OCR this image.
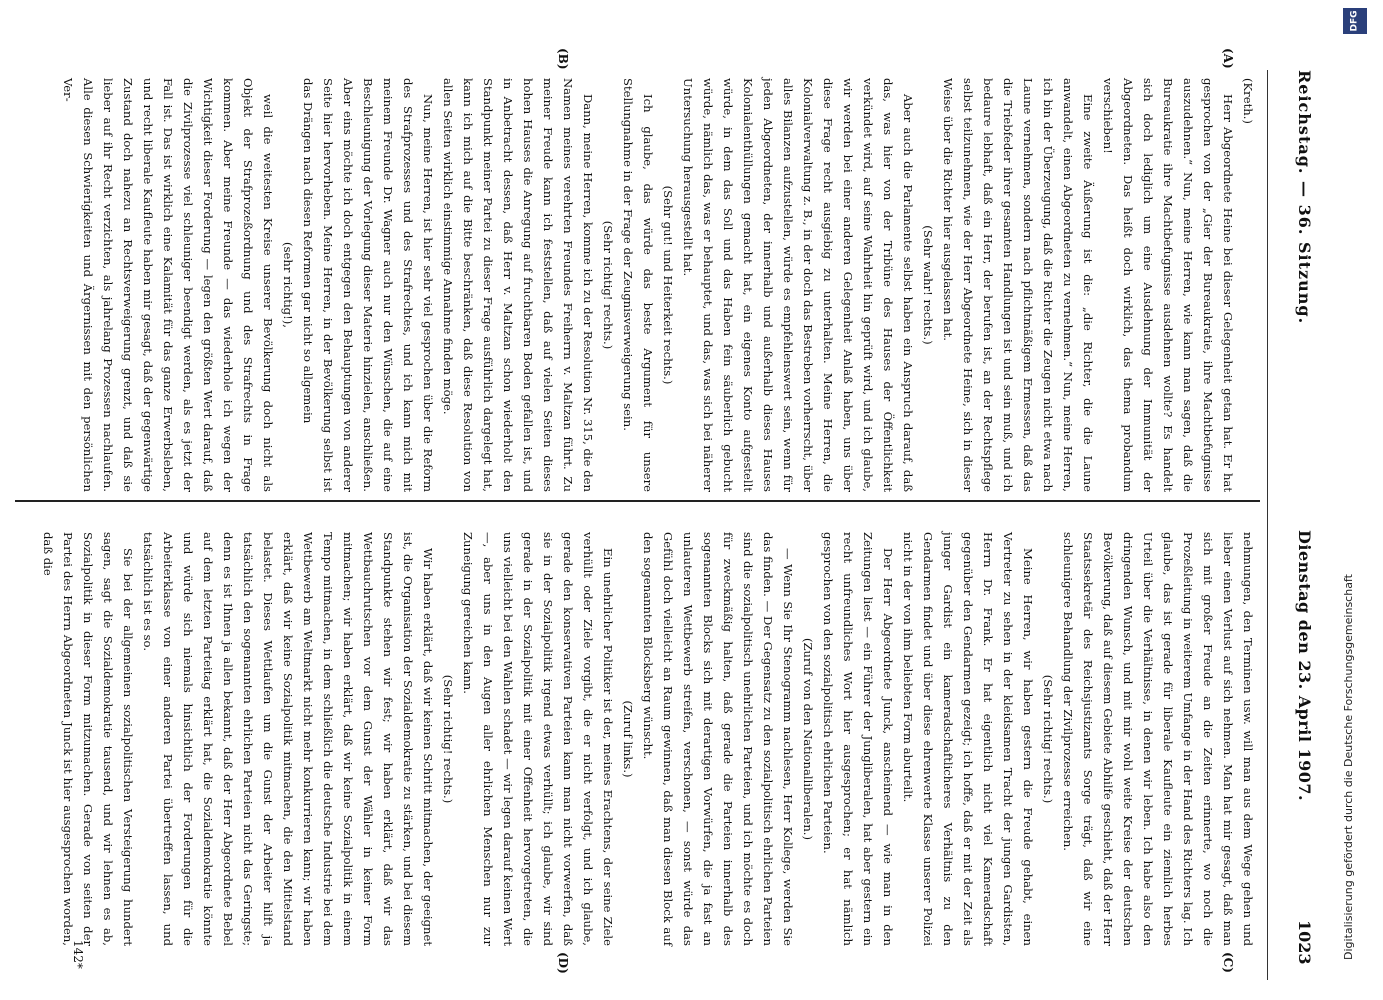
Reichstag. — 36. Sitzung.
Dienstag den 23. April 1907.
1023
(A)
(B)
(C)
(D)

(Kreth.)

Herr Abgeordnete Heine bei dieser Gelegenheit getan hat. Er hat gesprochen von der „Gier der Bureaukratie, ihre Machtbefugnisse auszudehnen.“ Nun, meine Herren, wie kann man sagen, daß die Bureaukratie ihre Machtbefugnisse ausdehnen wollte? Es handelt sich doch lediglich um eine Ausdehnung der Immunität der Abgeordneten. Das heißt doch wirklich, das thema probandum verschieben!

Eine zweite Äußerung ist die: „die Richter, die die Laune anwandelt, einen Abgeordneten zu vernehmen.“ Nun, meine Herren, ich bin der Überzeugung, daß die Richter die Zeugen nicht etwa nach Laune vernehmen, sondern nach pflichtmäßigem Ermessen, daß das die Triebfeder ihrer gesamten Handlungen ist und sein muß, und ich bedaure lebhaft, daß ein Herr, der berufen ist, an der Rechtspflege selbst teilzunehmen, wie der Herr Abgeordnete Heine, sich in dieser Weise über die Richter hier ausgelassen hat.

(Sehr wahr! rechts.)

Aber auch die Parlamente selbst haben ein Anspruch darauf, daß das, was hier von der Tribüne des Hauses der Öffentlichkeit verkündet wird, auf seine Wahrheit hin geprüft wird, und ich glaube, wir werden bei einer anderen Gelegenheit Anlaß haben, uns über diese Frage recht ausgiebig zu unterhalten. Meine Herren, die Kolonialverwaltung z. B., in der doch das Bestreben vorherrscht, über alles Bilanzen aufzustellen, würde es empfehlenswert sein, wenn für jeden Abgeordneten, der innerhalb und außerhalb dieses Hauses Kolonialenthüllungen gemacht hat, ein eigenes Konto aufgestellt würde, in dem das Soll und das Haben fein säuberlich gebucht würde, nämlich das, was er behauptet, und das, was sich bei näherer Untersuchung herausgestellt hat.

(Sehr gut! und Heiterkeit rechts.)

Ich glaube, das würde das beste Argument für unsere Stellungnahme in der Frage der Zeugnisverweigerung sein.

(Sehr richtig! rechts.)

Dann, meine Herren, komme ich zu der Resolution Nr. 315, die den Namen meines verehrten Freundes Freiherrn v. Maltzan führt. Zu meiner Freude kann ich feststellen, daß auf vielen Seiten dieses hohen Hauses die Anregung auf fruchtbaren Boden gefallen ist, und in Anbetracht dessen, daß Herr v. Maltzan schon wiederholt den Standpunkt meiner Partei zu dieser Frage ausführlich dargelegt hat, kann ich mich auf die Bitte beschränken, daß diese Resolution von allen Seiten wirklich einstimmige Annahme finden möge.

Nun, meine Herren, ist hier sehr viel gesprochen über die Reform des Strafprozesses und des Strafrechtes, und ich kann mich mit meinem Freunde Dr. Wagner auch nur den Wünschen, die auf eine Beschleunigung der Vorlegung dieser Materie hinzielen, anschließen. Aber eins möchte ich doch entgegen den Behauptungen von anderer Seite hier hervorheben. Meine Herren, in der Bevölkerung selbst ist das Drängen nach diesen Reformen gar nicht so allgemein

(sehr richtig!),

weil die weitesten Kreise unserer Bevölkerung doch nicht als Objekt der Strafprozeßordnung und des Strafrechts in Frage kommen. Aber meine Freunde — das wiederhole ich wegen der Wichtigkeit dieser Forderung — legen den größten Wert darauf, daß die Zivilprozesse viel schleuniger beendigt werden, als es jetzt der Fall ist. Das ist wirklich eine Kalamität für das ganze Erwerbsleben, und recht liberale Kaufleute haben mir gesagt, daß der gegenwärtige Zustand doch nahezu an Rechtsverweigerung grenzt, und daß sie lieber auf ihr Recht verzichten, als jahrelang Prozessen nachlaufen. Alle diesen Schwierigkeiten und Ärgernissen mit den persönlichen Ver-

nehmungen, den Terminen usw. will man aus dem Wege gehen und lieber einen Verlust auf sich nehmen. Man hat mir gesagt, daß man sich mit großer Freude an die Zeiten erinnerte, wo noch die Prozeßleitung in weiterem Umfange in der Hand des Richters lag. Ich glaube, das ist gerade für liberale Kaufleute ein ziemlich herbes Urteil über die Verhältnisse, in denen wir leben. Ich habe also den dringenden Wunsch, und mit mir wohl weite Kreise der deutschen Bevölkerung, daß auf diesem Gebiete Abhilfe geschieht, daß der Herr Staatssekretär des Reichsjustizamts Sorge trägt, daß wir eine schleunigere Behandlung der Zivilprozesse erreichen.

(Sehr richtig! rechts.)

Meine Herren, wir haben gestern die Freude gehabt, einen Vertreter zu sehen in der kleidsamen Tracht der jungen Gardisten, Herrn Dr. Frank. Er hat eigentlich nicht viel Kameradschaft gegenüber den Gendarmen gezeigt; ich hoffe, daß er mit der Zeit als junger Gardist ein kameradschaftlicheres Verhältnis zu den Gendarmen findet und über diese ehrenwerte Klasse unserer Polizei nicht in der von ihm beliebten Form aburteilt.

Der Herr Abgeordnete Junck, anscheinend — wie man in den Zeitungen liest — ein Führer der Jungliberalen, hat aber gestern ein recht unfreundliches Wort hier ausgesprochen; er hat nämlich gesprochen von den sozialpolitisch ehrlichen Parteien.

(Zuruf von den Nationalliberalen.)

— Wenn Sie Ihr Stenogramm nachlesen, Herr Kollege, werden Sie das finden. — Der Gegensatz zu den sozialpolitisch ehrlichen Parteien sind die sozialpolitisch unehrlichen Parteien, und ich möchte es doch für zweckmäßig halten, daß gerade die Parteien innerhalb des sogenannten Blocks sich mit derartigen Vorwürfen, die ja fast an unlauteren Wettbewerb streifen, verschonen, — sonst würde das Gefühl doch vielleicht an Raum gewinnen, daß man diesen Block auf den sogenannten Blocksberg wünscht.

(Zuruf links.)

Ein unehrlicher Politiker ist der, meines Erachtens, der seine Ziele verhüllt oder Ziele vorgibt, die er nicht verfolgt, und ich glaube, gerade den konservativen Parteien kann man nicht vorwerfen, daß sie in der Sozialpolitik irgend etwas verhüllt; ich glaube, wir sind gerade in der Sozialpolitik mit einer Offenheit hervorgetreten, die uns vielleicht bei den Wahlen schadet — wir legen darauf keinen Wert —, aber uns in den Augen aller ehrlichen Menschen nur zur Zuneigung gereichen kann.

(Sehr richtig! rechts.)

Wir haben erklärt, daß wir keinen Schritt mitmachen, der geeignet ist, die Organisation der Sozialdemokratie zu stärken, und bei diesem Standpunkte stehen wir fest; wir haben erklärt, daß wir das Wettbauchrutschen vor dem Gunst der Wähler in keiner Form mitmachen; wir haben erklärt, daß wir keine Sozialpolitik in einem Tempo mitmachen, in dem schließlich die deutsche Industrie bei dem Wettbewerb am Weltmarkt nicht mehr konkurrieren kann; wir haben erklärt, daß wir keine Sozialpolitik mitmachen, die den Mittelstand belastet. Dieses Wettlaufen um die Gunst der Arbeiter hilft ja tatsächlich den sogenannten ehrlichen Parteien nicht das Geringste; denn es ist Ihnen ja allen bekannt, daß der Herr Abgeordnete Bebel auf dem letzten Parteitag erklärt hat, die Sozialdemokratie könnte und würde sich niemals hinsichtlich der Forderungen für die Arbeiterklasse von einer anderen Partei übertreffen lassen, und tatsächlich ist es so.

Sie bei der allgemeinen sozialpolitischen Versteigerung hundert sagen, sagt die Sozialdemokratie tausend, und wir lehnen es ab, Sozialpolitik in dieser Form mitzumachen. Gerade von seiten der Partei des Herrn Abgeordneten Junck ist hier ausgesprochen worden, daß die

142*
DFG
Digitalisierung gefördert durch die Deutsche Forschungsgemeinschaft
